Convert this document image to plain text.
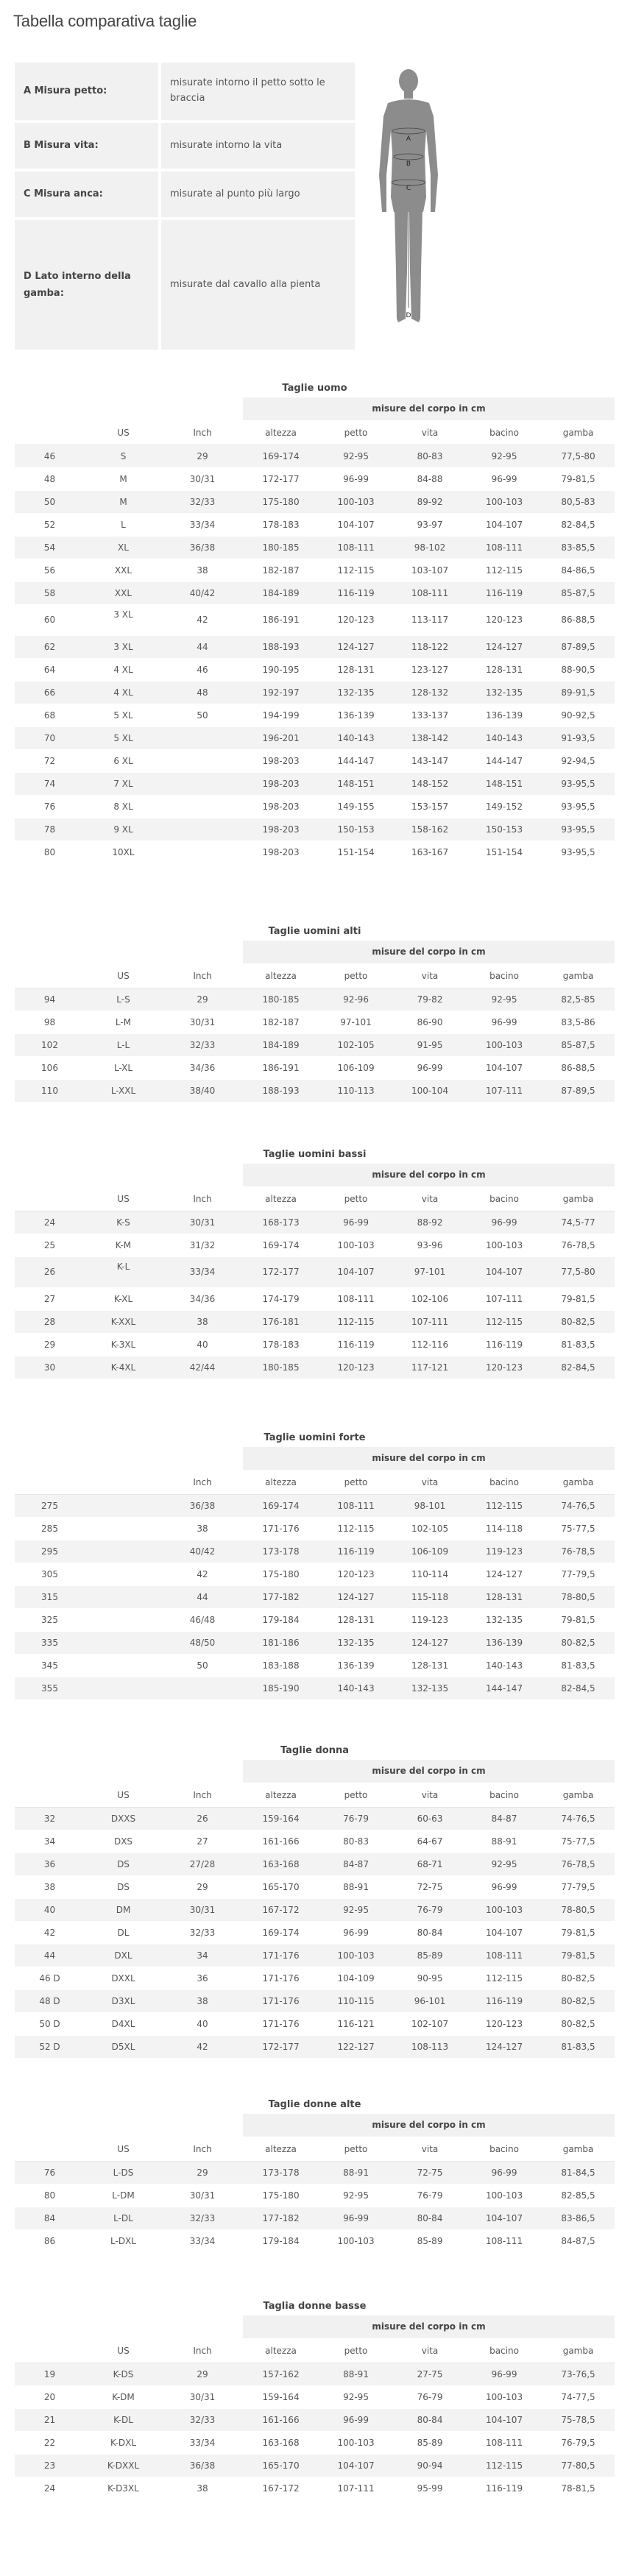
Tabella comparativa taglie
A Misura petto:
misurate intorno il petto sotto le braccia
B Misura vita:	misurate intorno la vita
C Misura anca:	misurate al punto più largo
D Lato interno della gamba:
misurate dal cavallo alla pienta
A
B
C
D
Taglie uomo
			misure del corpo in cm				
	US	Inch	altezza	petto	vita	bacino	gamba
46	S	29	169-174	92-95	80-83	92-95	77,5-80
48	M	30/31	172-177	96-99	84-88	96-99	79-81,5
50	M	32/33	175-180	100-103	89-92	100-103	80,5-83
52	L	33/34	178-183	104-107	93-97	104-107	82-84,5
54	XL	36/38	180-185	108-111	98-102	108-111	83-85,5
56	XXL	38	182-187	112-115	103-107	112-115	84-86,5
58	XXL	40/42	184-189	116-119	108-111	116-119	85-87,5
60	3 XL	42	186-191	120-123	113-117	120-123	86-88,5
62	3 XL	44	188-193	124-127	118-122	124-127	87-89,5
64	4 XL	46	190-195	128-131	123-127	128-131	88-90,5
66	4 XL	48	192-197	132-135	128-132	132-135	89-91,5
68	5 XL	50	194-199	136-139	133-137	136-139	90-92,5
70	5 XL		196-201	140-143	138-142	140-143	91-93,5
72	6 XL		198-203	144-147	143-147	144-147	92-94,5
74	7 XL		198-203	148-151	148-152	148-151	93-95,5
76	8 XL		198-203	149-155	153-157	149-152	93-95,5
78	9 XL		198-203	150-153	158-162	150-153	93-95,5
80	10XL		198-203	151-154	163-167	151-154	93-95,5
Taglie uomini alti
			misure del corpo in cm				
	US	Inch	altezza	petto	vita	bacino	gamba
94	L-S	29	180-185	92-96	79-82	92-95	82,5-85
98	L-M	30/31	182-187	97-101	86-90	96-99	83,5-86
102	L-L	32/33	184-189	102-105	91-95	100-103	85-87,5
106	L-XL	34/36	186-191	106-109	96-99	104-107	86-88,5
110	L-XXL	38/40	188-193	110-113	100-104	107-111	87-89,5
Taglie uomini bassi
			misure del corpo in cm				
	US	Inch	altezza	petto	vita	bacino	gamba
24	K-S	30/31	168-173	96-99	88-92	96-99	74,5-77
25	K-M	31/32	169-174	100-103	93-96	100-103	76-78,5
26	K-L	33/34	172-177	104-107	97-101	104-107	77,5-80
27	K-XL	34/36	174-179	108-111	102-106	107-111	79-81,5
28	K-XXL	38	176-181	112-115	107-111	112-115	80-82,5
29	K-3XL	40	178-183	116-119	112-116	116-119	81-83,5
30	K-4XL	42/44	180-185	120-123	117-121	120-123	82-84,5
Taglie uomini forte
			misure del corpo in cm				
		Inch	altezza	petto	vita	bacino	gamba
275		36/38	169-174	108-111	98-101	112-115	74-76,5
285		38	171-176	112-115	102-105	114-118	75-77,5
295		40/42	173-178	116-119	106-109	119-123	76-78,5
305		42	175-180	120-123	110-114	124-127	77-79,5
315		44	177-182	124-127	115-118	128-131	78-80,5
325		46/48	179-184	128-131	119-123	132-135	79-81,5
335		48/50	181-186	132-135	124-127	136-139	80-82,5
345		50	183-188	136-139	128-131	140-143	81-83,5
355			185-190	140-143	132-135	144-147	82-84,5
Taglie donna
			misure del corpo in cm				
	US	Inch	altezza	petto	vita	bacino	gamba
32	DXXS	26	159-164	76-79	60-63	84-87	74-76,5
34	DXS	27	161-166	80-83	64-67	88-91	75-77,5
36	DS	27/28	163-168	84-87	68-71	92-95	76-78,5
38	DS	29	165-170	88-91	72-75	96-99	77-79,5
40	DM	30/31	167-172	92-95	76-79	100-103	78-80,5
42	DL	32/33	169-174	96-99	80-84	104-107	79-81,5
44	DXL	34	171-176	100-103	85-89	108-111	79-81,5
46 D	DXXL	36	171-176	104-109	90-95	112-115	80-82,5
48 D	D3XL	38	171-176	110-115	96-101	116-119	80-82,5
50 D	D4XL	40	171-176	116-121	102-107	120-123	80-82,5
52 D	D5XL	42	172-177	122-127	108-113	124-127	81-83,5
Taglie donne alte
			misure del corpo in cm				
	US	Inch	altezza	petto	vita	bacino	gamba
76	L-DS	29	173-178	88-91	72-75	96-99	81-84,5
80	L-DM	30/31	175-180	92-95	76-79	100-103	82-85,5
84	L-DL	32/33	177-182	96-99	80-84	104-107	83-86,5
86	L-DXL	33/34	179-184	100-103	85-89	108-111	84-87,5
Taglia donne basse
			misure del corpo in cm				
	US	Inch	altezza	petto	vita	bacino	gamba
19	K-DS	29	157-162	88-91	27-75	96-99	73-76,5
20	K-DM	30/31	159-164	92-95	76-79	100-103	74-77,5
21	K-DL	32/33	161-166	96-99	80-84	104-107	75-78,5
22	K-DXL	33/34	163-168	100-103	85-89	108-111	76-79,5
23	K-DXXL	36/38	165-170	104-107	90-94	112-115	77-80,5
24	K-D3XL	38	167-172	107-111	95-99	116-119	78-81,5
